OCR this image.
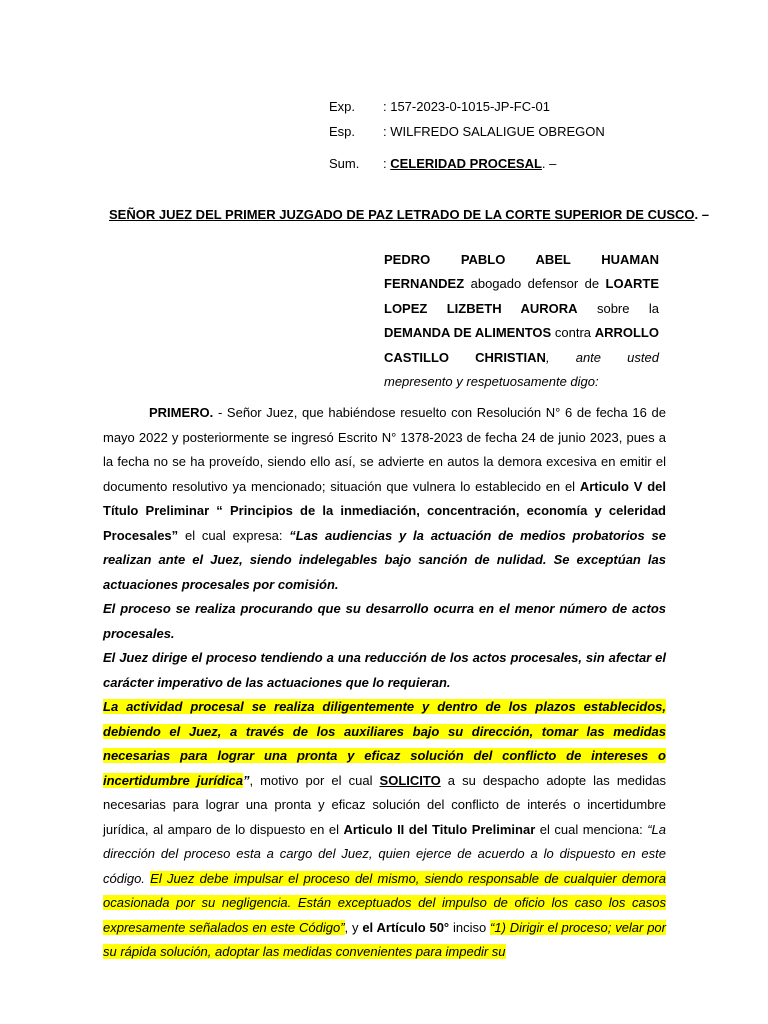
Exp. : 157-2023-0-1015-JP-FC-01
Esp. : WILFREDO SALALIGUE OBREGON
Sum. : CELERIDAD PROCESAL. –
SEÑOR JUEZ DEL PRIMER JUZGADO DE PAZ LETRADO DE LA CORTE SUPERIOR DE CUSCO. –

PEDRO PABLO ABEL HUAMAN FERNANDEZ abogado defensor de LOARTE LOPEZ LIZBETH AURORA sobre la DEMANDA DE ALIMENTOS contra ARROLLO CASTILLO CHRISTIAN, ante usted mepresento y respetuosamente digo:

PRIMERO. - Señor Juez, que habiéndose resuelto con Resolución N° 6 de fecha 16 de mayo 2022 y posteriormente se ingresó Escrito N° 1378-2023 de fecha 24 de junio 2023, pues a la fecha no se ha proveído, siendo ello así, se advierte en autos la demora excesiva en emitir el documento resolutivo ya mencionado; situación que vulnera lo establecido en el Articulo V del Título Preliminar “ Principios de la inmediación, concentración, economía y celeridad Procesales” el cual expresa: “Las audiencias y la actuación de medios probatorios se realizan ante el Juez, siendo indelegables bajo sanción de nulidad. Se exceptúan las actuaciones procesales por comisión.

El proceso se realiza procurando que su desarrollo ocurra en el menor número de actos procesales.

El Juez dirige el proceso tendiendo a una reducción de los actos procesales, sin afectar el carácter imperativo de las actuaciones que lo requieran.

La actividad procesal se realiza diligentemente y dentro de los plazos establecidos, debiendo el Juez, a través de los auxiliares bajo su dirección, tomar las medidas necesarias para lograr una pronta y eficaz solución del conflicto de intereses o incertidumbre jurídica”, motivo por el cual SOLICITO a su despacho adopte las medidas necesarias para lograr una pronta y eficaz solución del conflicto de interés o incertidumbre jurídica, al amparo de lo dispuesto en el Articulo II del Titulo Preliminar el cual menciona: “La dirección del proceso esta a cargo del Juez, quien ejerce de acuerdo a lo dispuesto en este código. El Juez debe impulsar el proceso del mismo, siendo responsable de cualquier demora ocasionada por su negligencia. Están exceptuados del impulso de oficio los caso los casos expresamente señalados en este Código”, y el Artículo 50° inciso “1) Dirigir el proceso; velar por su rápida solución, adoptar las medidas convenientes para impedir su
